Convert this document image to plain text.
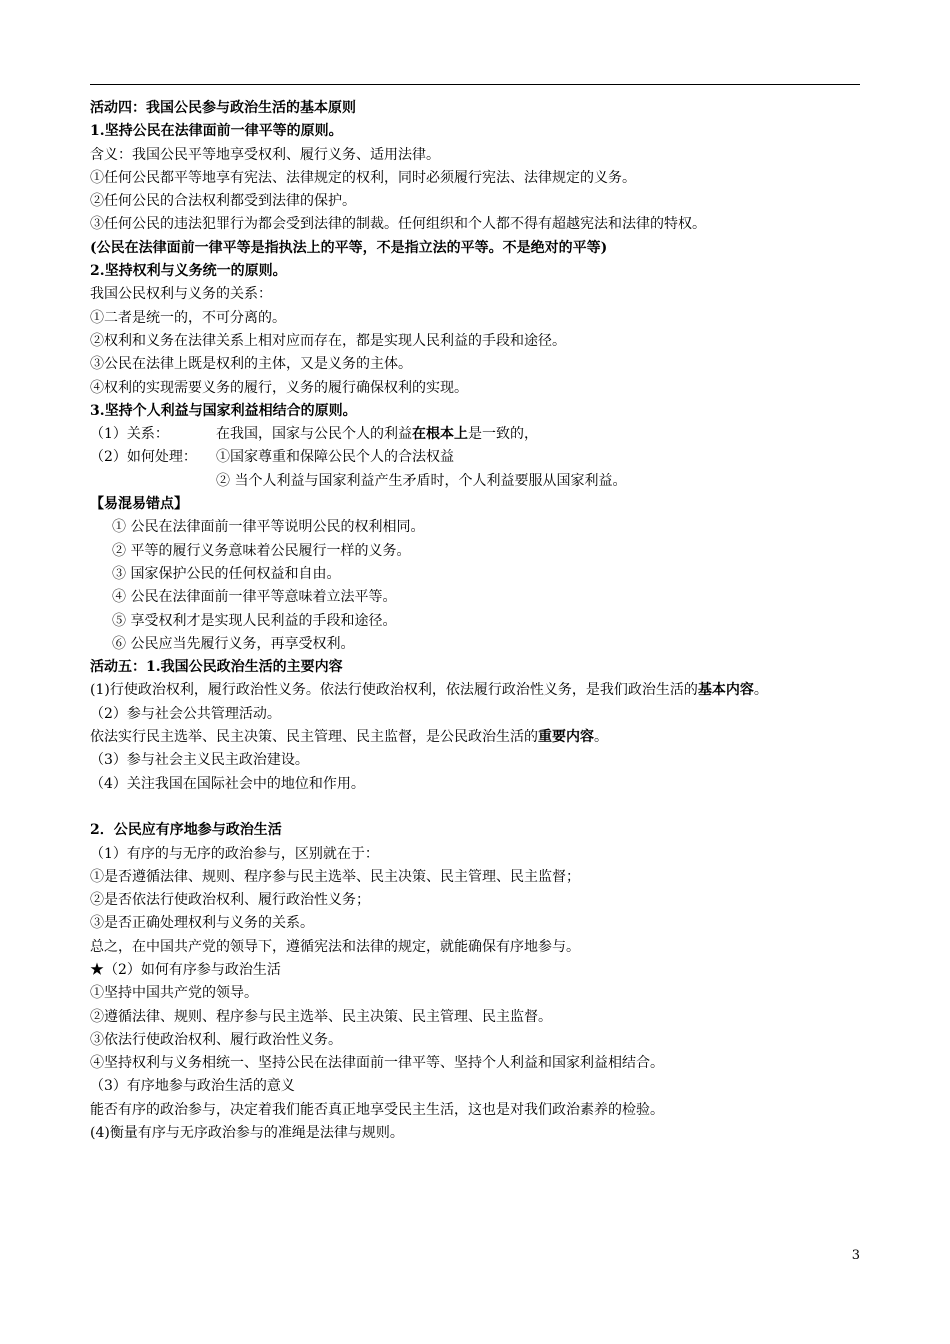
活动四：我国公民参与政治生活的基本原则
1.坚持公民在法律面前一律平等的原则。
含义：我国公民平等地享受权利、履行义务、适用法律。
①任何公民都平等地享有宪法、法律规定的权利，同时必须履行宪法、法律规定的义务。
②任何公民的合法权利都受到法律的保护。
③任何公民的违法犯罪行为都会受到法律的制裁。任何组织和个人都不得有超越宪法和法律的特权。
(公民在法律面前一律平等是指执法上的平等，不是指立法的平等。不是绝对的平等)
2.坚持权利与义务统一的原则。
我国公民权利与义务的关系：
①二者是统一的，不可分离的。
②权利和义务在法律关系上相对应而存在，都是实现人民利益的手段和途径。
③公民在法律上既是权利的主体，又是义务的主体。
④权利的实现需要义务的履行，义务的履行确保权利的实现。
3.坚持个人利益与国家利益相结合的原则。
（1）关系：	在我国，国家与公民个人的利益在根本上是一致的，
（2）如何处理： ①国家尊重和保障公民个人的合法权益
② 当个人利益与国家利益产生矛盾时，个人利益要服从国家利益。
【易混易错点】
① 公民在法律面前一律平等说明公民的权利相同。
② 平等的履行义务意味着公民履行一样的义务。
③ 国家保护公民的任何权益和自由。
④ 公民在法律面前一律平等意味着立法平等。
⑤ 享受权利才是实现人民利益的手段和途径。
⑥ 公民应当先履行义务，再享受权利。
活动五：1.我国公民政治生活的主要内容
(1)行使政治权利，履行政治性义务。依法行使政治权利，依法履行政治性义务，是我们政治生活的基本内容。
（2）参与社会公共管理活动。
依法实行民主选举、民主决策、民主管理、民主监督，是公民政治生活的重要内容。
（3）参与社会主义民主政治建设。
（4）关注我国在国际社会中的地位和作用。
2．公民应有序地参与政治生活
（1）有序的与无序的政治参与，区别就在于：
①是否遵循法律、规则、程序参与民主选举、民主决策、民主管理、民主监督；
②是否依法行使政治权利、履行政治性义务；
③是否正确处理权利与义务的关系。
总之，在中国共产党的领导下，遵循宪法和法律的规定，就能确保有序地参与。
★（2）如何有序参与政治生活
①坚持中国共产党的领导。
②遵循法律、规则、程序参与民主选举、民主决策、民主管理、民主监督。
③依法行使政治权利、履行政治性义务。
④坚持权利与义务相统一、坚持公民在法律面前一律平等、坚持个人利益和国家利益相结合。
（3）有序地参与政治生活的意义
能否有序的政治参与，决定着我们能否真正地享受民主生活，这也是对我们政治素养的检验。
(4)衡量有序与无序政治参与的准绳是法律与规则。
3
